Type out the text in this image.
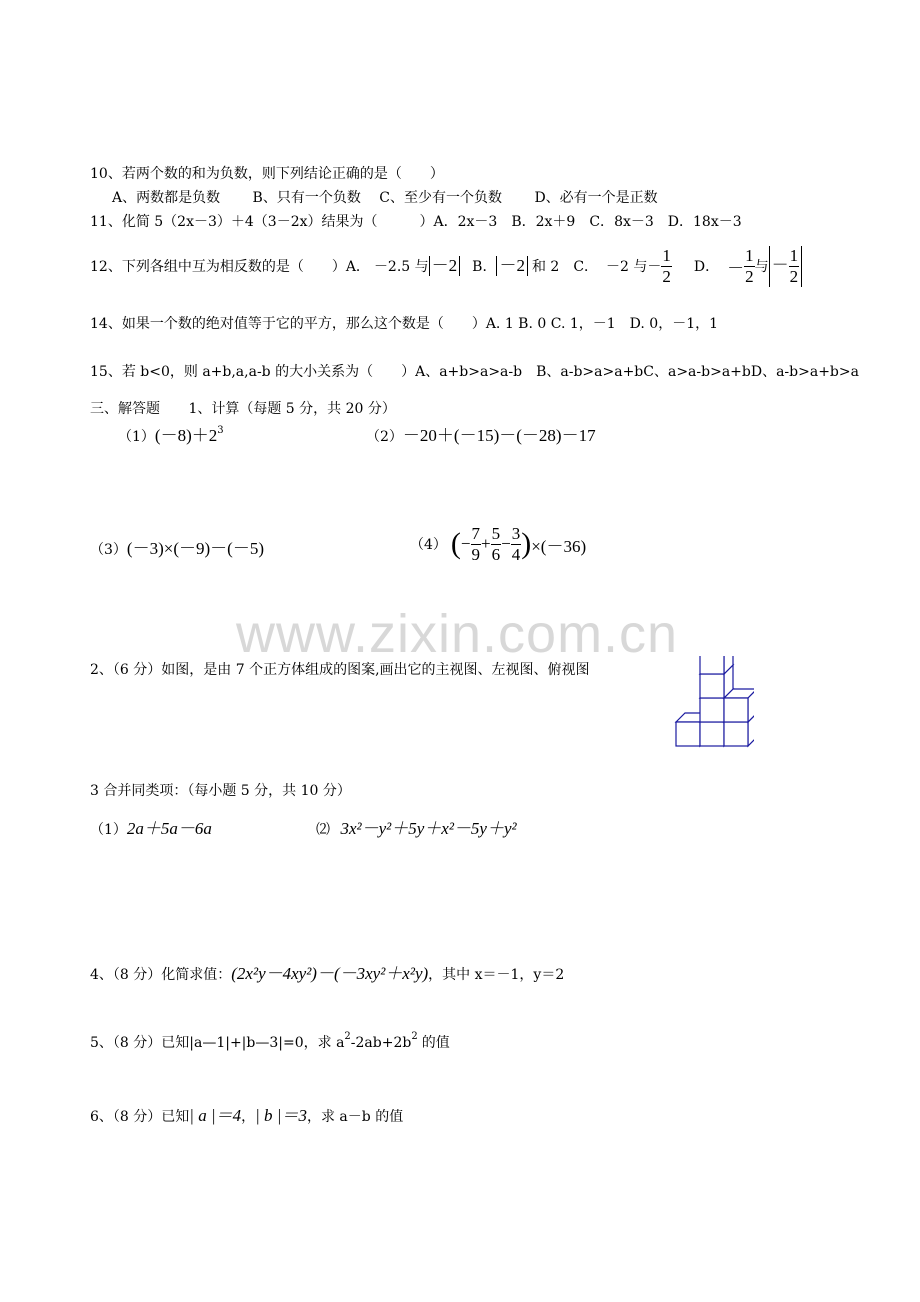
www.zixin.com.cn
10、若两个数的和为负数，则下列结论正确的是（　　）
A、两数都是负数　　 B、只有一个负数　 C、至少有一个负数　　 D、必有一个是正数
11、化简 5（2x－3）＋4（3－2x）结果为（　　　）A．2x－3　B．2x＋9　C．8x－3　D．18x－3
12、下列各组中互为相反数的是（　　）A． －2.5 与 －2 B． －2 和 2 C． －2 与－ $\frac{1}{2}$ D． － $\frac{1}{2}$ 与 － $\frac{1}{2}$
14、如果一个数的绝对值等于它的平方，那么这个数是（　　）A. 1 B. 0 C. 1，－1　D. 0，－1，1
15、若 b<0，则 a+b,a,a-b 的大小关系为（　　）A、a+b>a>a-b　B、a-b>a>a+bC、a>a-b>a+bD、a-b>a+b>a
三、解答题 1、计算（每题 5 分，共 20 分）
$(1)(-8)+2^3$	（2）－20＋(－15)－(－28)－17
（3）(－3)×(－9)－(－5)	（4） ( − $\frac{7}{9} + \frac{5}{6} - \frac{3}{4}$ ) ×(－36)
2、（6 分）如图，是由 7 个正方体组成的图案,画出它的主视图、左视图、俯视图
3 合并同类项：（每小题 5 分，共 10 分）
（1）2a＋5a－6a	⑵ 3x²－y²＋5y＋x²－5y＋y²
4、（8 分）化简求值：(2x²y－4xy²)－(－3xy²＋x²y)，其中 x＝－1，y＝2
5、（8 分）已知|a—1|+|b—3|=0，求 $a^2-2ab+2b^2$ 的值
6、（8 分）已知| a |＝4，| b |＝3，求 a－b 的值
